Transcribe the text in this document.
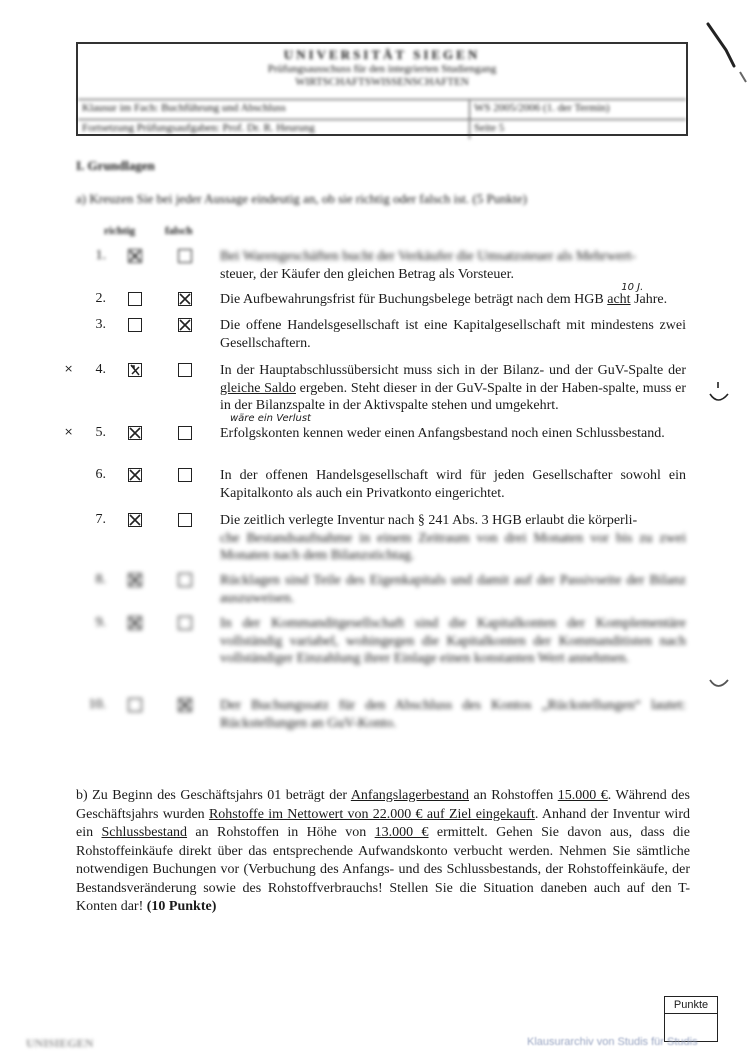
UNIVERSITÄT SIEGEN
Prüfungsausschuss für den integrierten Studiengang
WIRTSCHAFTSWISSENSCHAFTEN
Klausur im Fach: Buchführung und Abschluss	WS 2005/2006 (1. der Termin)
Fortsetzung Prüfungsaufgaben: Prof. Dr. R. Heurung	Seite 5
I. Grundlagen
a) Kreuzen Sie bei jeder Aussage eindeutig an, ob sie richtig oder falsch ist. (5 Punkte)
richtig	falsch
1.	Bei Warengeschäften bucht der Verkäufer die Umsatzsteuer als Mehrwert-
steuer, der Käufer den gleichen Betrag als Vorsteuer.
2.	Die Aufbewahrungsfrist für Buchungsbelege beträgt nach dem HGB acht
10 J.
Jahre.
3.	Die offene Handelsgesellschaft ist eine Kapitalgesellschaft mit mindestens zwei Gesellschaftern.
×	4.	In der Hauptabschlussübersicht muss sich in der Bilanz- und der GuV-Spalte der gleiche Saldo ergeben. Steht dieser in der GuV-Spalte in der Haben-spalte, muss er in der Bilanzspalte in der Aktivspalte stehen und umgekehrt.
wäre ein Verlust
×	5.	Erfolgskonten kennen weder einen Anfangsbestand noch einen Schlussbestand.
6.	In der offenen Handelsgesellschaft wird für jeden Gesellschafter sowohl ein Kapitalkonto als auch ein Privatkonto eingerichtet.
7.	Die zeitlich verlegte Inventur nach § 241 Abs. 3 HGB erlaubt die körperli-
che Bestandsaufnahme in einem Zeitraum von drei Monaten vor bis zu zwei Monaten nach dem Bilanzstichtag.
8.	Rücklagen sind Teile des Eigenkapitals und damit auf der Passivseite der Bilanz auszuweisen.
9.	In der Kommanditgesellschaft sind die Kapitalkonten der Komplementäre vollständig variabel, wohingegen die Kapitalkonten der Kommanditisten nach vollständiger Einzahlung ihrer Einlage einen konstanten Wert annehmen.
10.	Der Buchungssatz für den Abschluss des Kontos „Rückstellungen“ lautet: Rückstellungen an GuV-Konto.
b) Zu Beginn des Geschäftsjahrs 01 beträgt der Anfangslagerbestand an Rohstoffen 15.000 €. Während des Geschäftsjahrs wurden Rohstoffe im Nettowert von 22.000 € auf Ziel eingekauft. Anhand der Inventur wird ein Schlussbestand an Rohstoffen in Höhe von 13.000 € ermittelt. Gehen Sie davon aus, dass die Rohstoffeinkäufe direkt über das entsprechende Aufwandskonto verbucht werden. Nehmen Sie sämtliche notwendigen Buchungen vor (Verbuchung des Anfangs- und des Schlussbestands, der Rohstoffeinkäufe, der Bestandsveränderung sowie des Rohstoffverbrauchs! Stellen Sie die Situation daneben auch auf den T-Konten dar! (10 Punkte)
Punkte
UNISIEGEN	Klausurarchiv von Studis für Studis
